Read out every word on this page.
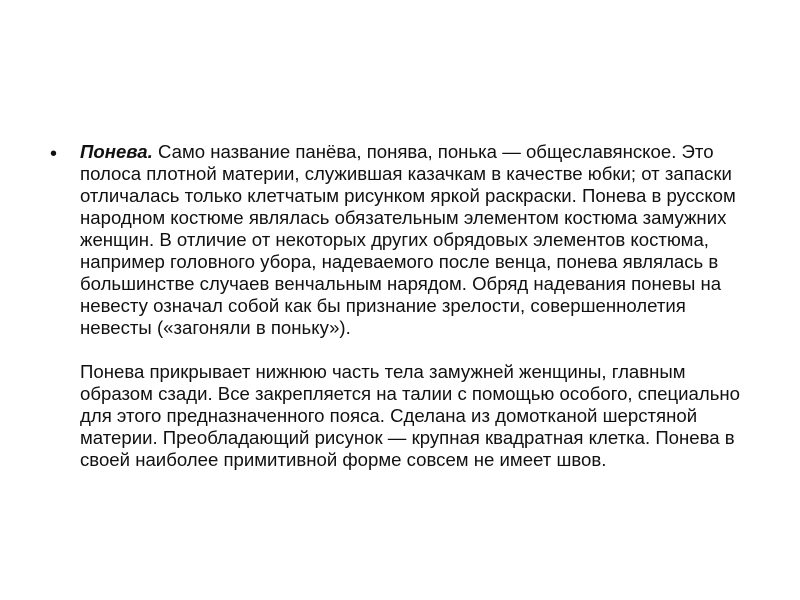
• Понева. Само название панёва, понява, понька — общеславянское. Это полоса плотной материи, служившая казачкам в качестве юбки; от запаски отличалась только клетчатым рисунком яркой раскраски. Понева в русском народном костюме являлась обязательным элементом костюма замужних женщин. В отличие от некоторых других обрядовых элементов костюма, например головного убора, надеваемого после венца, понева являлась в большинстве случаев венчальным нарядом. Обряд надевания поневы на невесту означал собой как бы признание зрелости, совершеннолетия невесты («загоняли в поньку»).

Понева прикрывает нижнюю часть тела замужней женщины, главным образом сзади. Все закрепляется на талии с помощью особого, специально для этого предназначенного пояса. Сделана из домотканой шерстяной материи. Преобладающий рисунок — крупная квадратная клетка. Понева в своей наиболее примитивной форме совсем не имеет швов.
